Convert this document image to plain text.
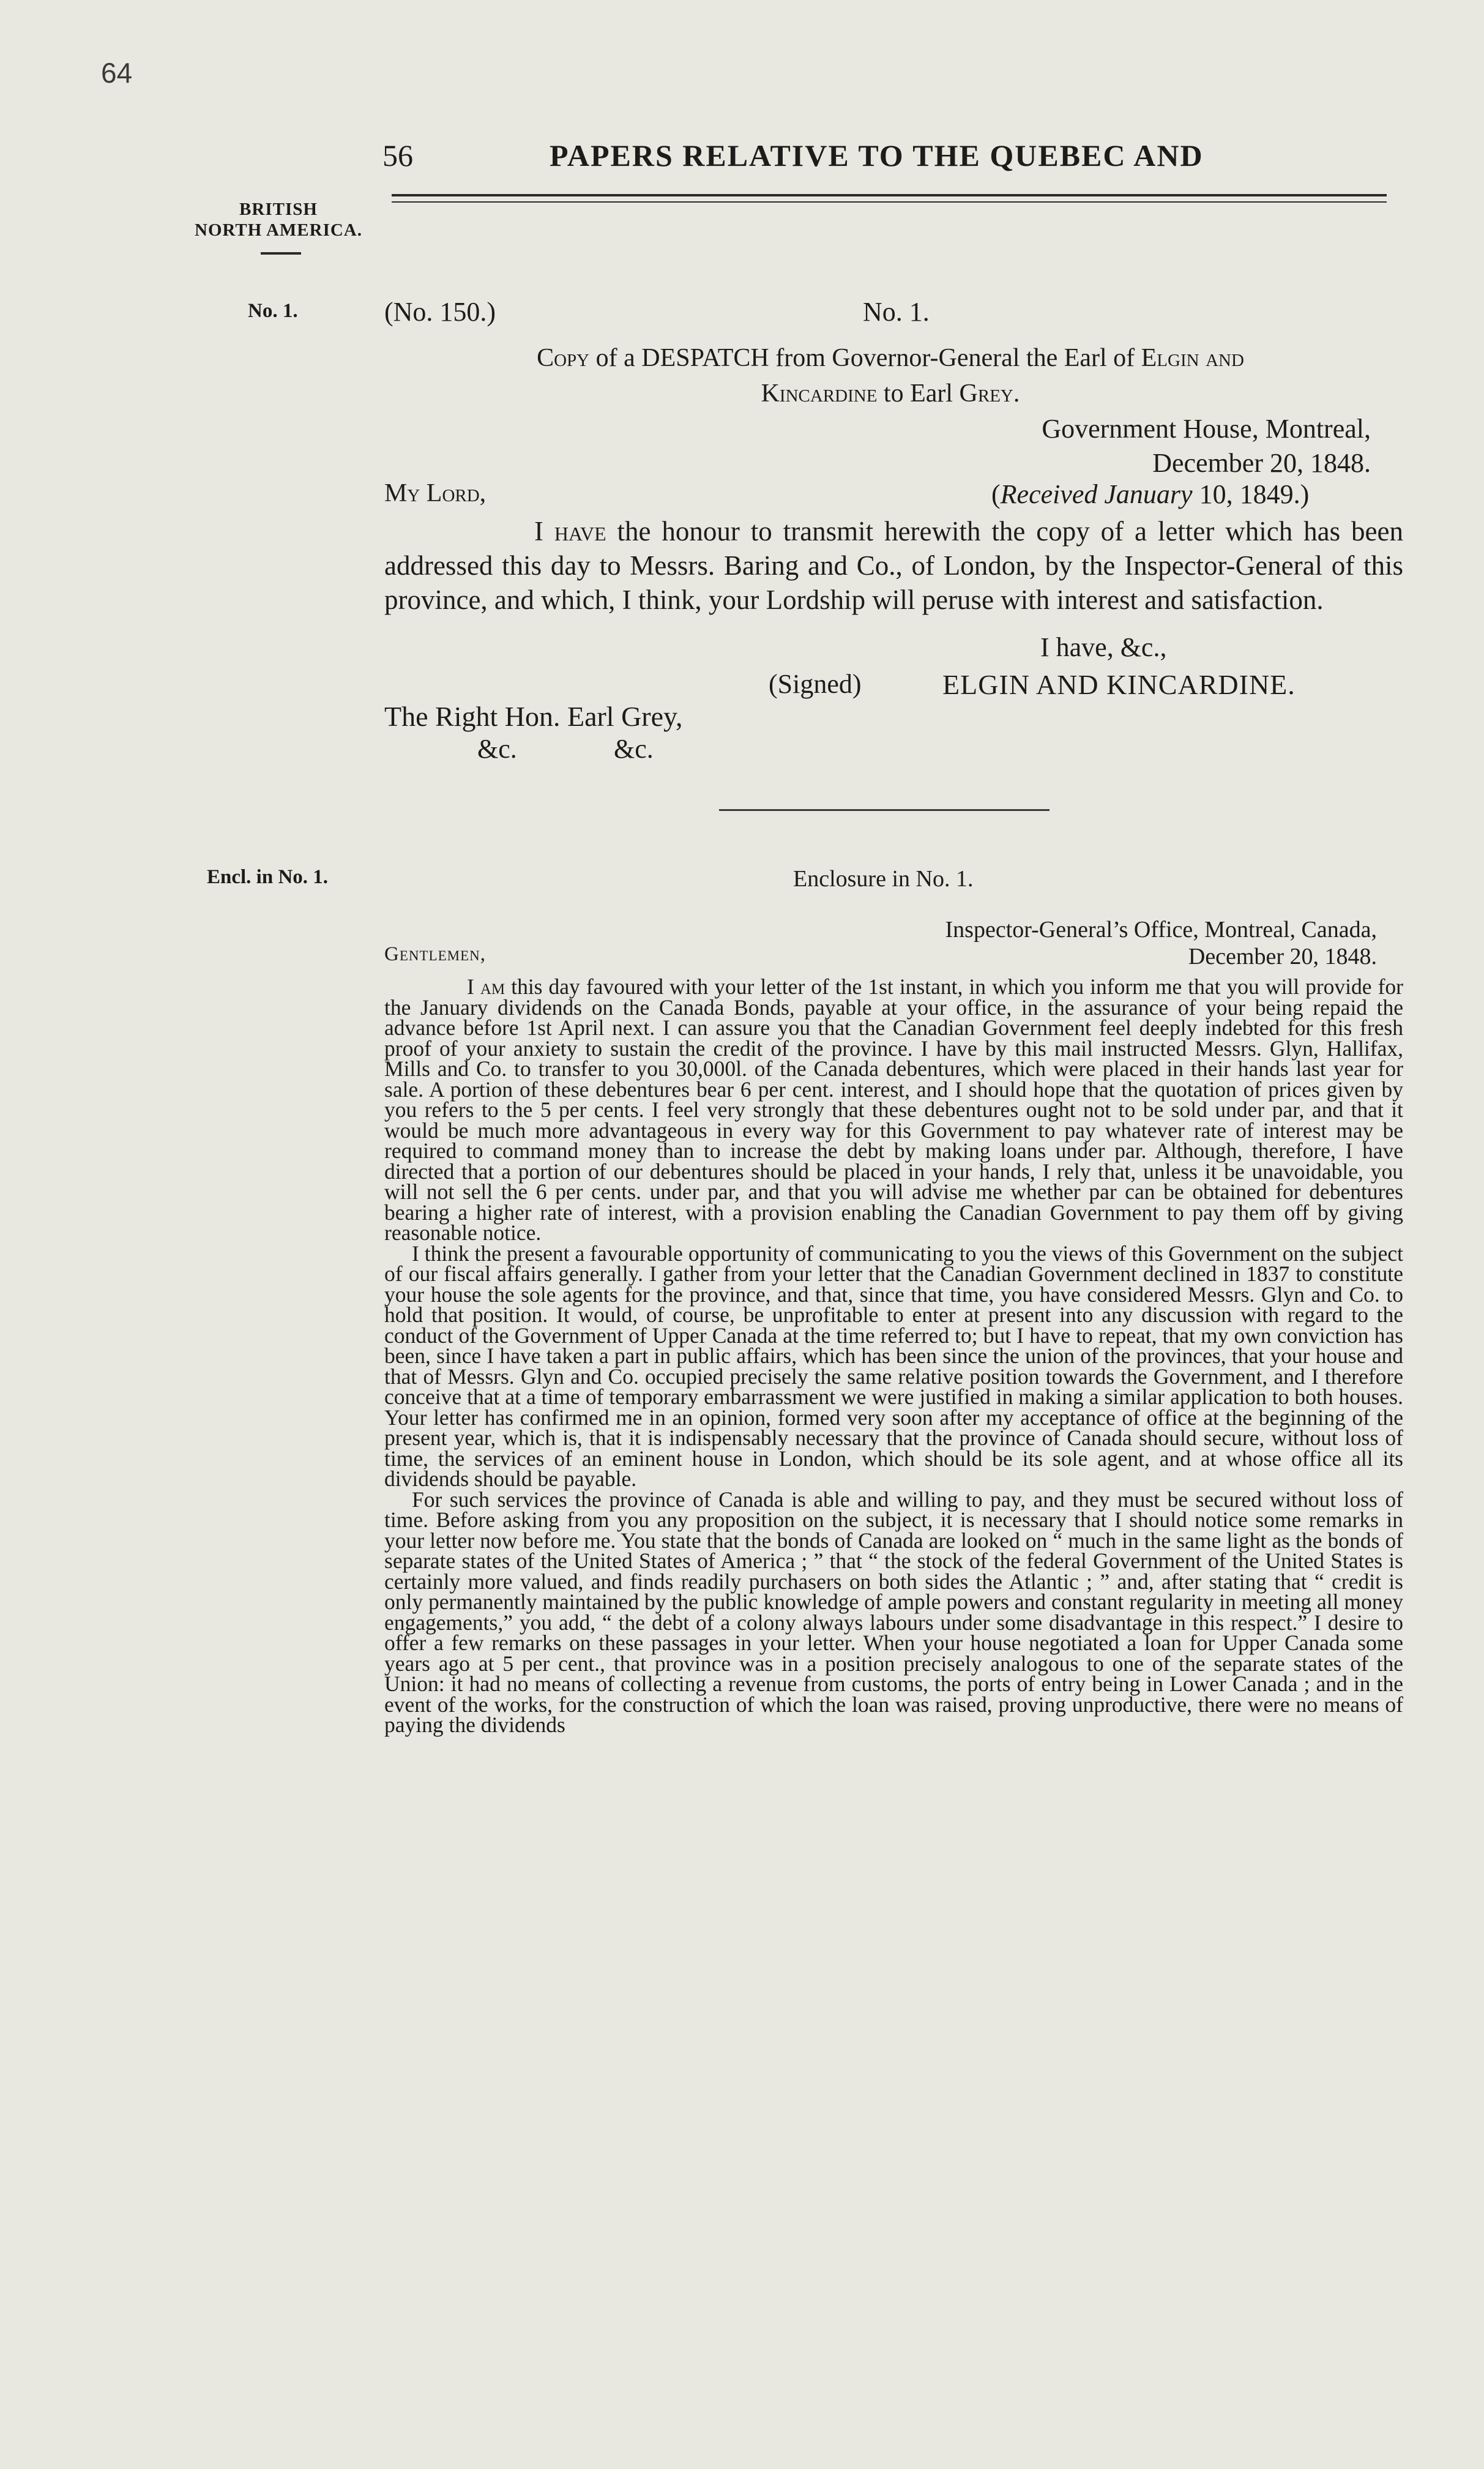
64
56	PAPERS RELATIVE TO THE QUEBEC AND
BRITISH
NORTH AMERICA.
No. 1.
Encl. in No. 1.
(No. 150.)	No. 1.
Copy of a DESPATCH from Governor-General the Earl of Elgin and
Kincardine to Earl Grey.
Government House, Montreal,
December 20, 1848.
My Lord,	(Received January 10, 1849.)

I have the honour to transmit herewith the copy of a letter which has been addressed this day to Messrs. Baring and Co., of London, by the Inspector-General of this province, and which, I think, your Lordship will peruse with interest and satisfaction.

I have, &c.,
(Signed)	ELGIN AND KINCARDINE.
The Right Hon. Earl Grey,
&c.	&c.
Enclosure in No. 1.
Inspector-General’s Office, Montreal, Canada,
December 20, 1848.
Gentlemen,

I am this day favoured with your letter of the 1st instant, in which you inform me that you will provide for the January dividends on the Canada Bonds, payable at your office, in the assurance of your being repaid the advance before 1st April next. I can assure you that the Canadian Government feel deeply indebted for this fresh proof of your anxiety to sustain the credit of the province. I have by this mail instructed Messrs. Glyn, Hallifax, Mills and Co. to transfer to you 30,000l. of the Canada debentures, which were placed in their hands last year for sale. A portion of these debentures bear 6 per cent. interest, and I should hope that the quotation of prices given by you refers to the 5 per cents. I feel very strongly that these debentures ought not to be sold under par, and that it would be much more advantageous in every way for this Government to pay whatever rate of interest may be required to command money than to increase the debt by making loans under par. Although, therefore, I have directed that a portion of our debentures should be placed in your hands, I rely that, unless it be unavoidable, you will not sell the 6 per cents. under par, and that you will advise me whether par can be obtained for debentures bearing a higher rate of interest, with a provision enabling the Canadian Government to pay them off by giving reasonable notice.

I think the present a favourable opportunity of communicating to you the views of this Government on the subject of our fiscal affairs generally. I gather from your letter that the Canadian Government declined in 1837 to constitute your house the sole agents for the province, and that, since that time, you have considered Messrs. Glyn and Co. to hold that position. It would, of course, be unprofitable to enter at present into any discussion with regard to the conduct of the Government of Upper Canada at the time referred to; but I have to repeat, that my own conviction has been, since I have taken a part in public affairs, which has been since the union of the provinces, that your house and that of Messrs. Glyn and Co. occupied precisely the same relative position towards the Government, and I therefore conceive that at a time of temporary embarrassment we were justified in making a similar application to both houses. Your letter has confirmed me in an opinion, formed very soon after my acceptance of office at the beginning of the present year, which is, that it is indispensably necessary that the province of Canada should secure, without loss of time, the services of an eminent house in London, which should be its sole agent, and at whose office all its dividends should be payable.

For such services the province of Canada is able and willing to pay, and they must be secured without loss of time. Before asking from you any proposition on the subject, it is necessary that I should notice some remarks in your letter now before me. You state that the bonds of Canada are looked on “ much in the same light as the bonds of separate states of the United States of America ; ” that “ the stock of the federal Government of the United States is certainly more valued, and finds readily purchasers on both sides the Atlantic ; ” and, after stating that “ credit is only permanently maintained by the public knowledge of ample powers and constant regularity in meeting all money engagements,” you add, “ the debt of a colony always labours under some disadvantage in this respect.” I desire to offer a few remarks on these passages in your letter. When your house negotiated a loan for Upper Canada some years ago at 5 per cent., that province was in a position precisely analogous to one of the separate states of the Union: it had no means of collecting a revenue from customs, the ports of entry being in Lower Canada ; and in the event of the works, for the construction of which the loan was raised, proving unproductive, there were no means of paying the dividends
